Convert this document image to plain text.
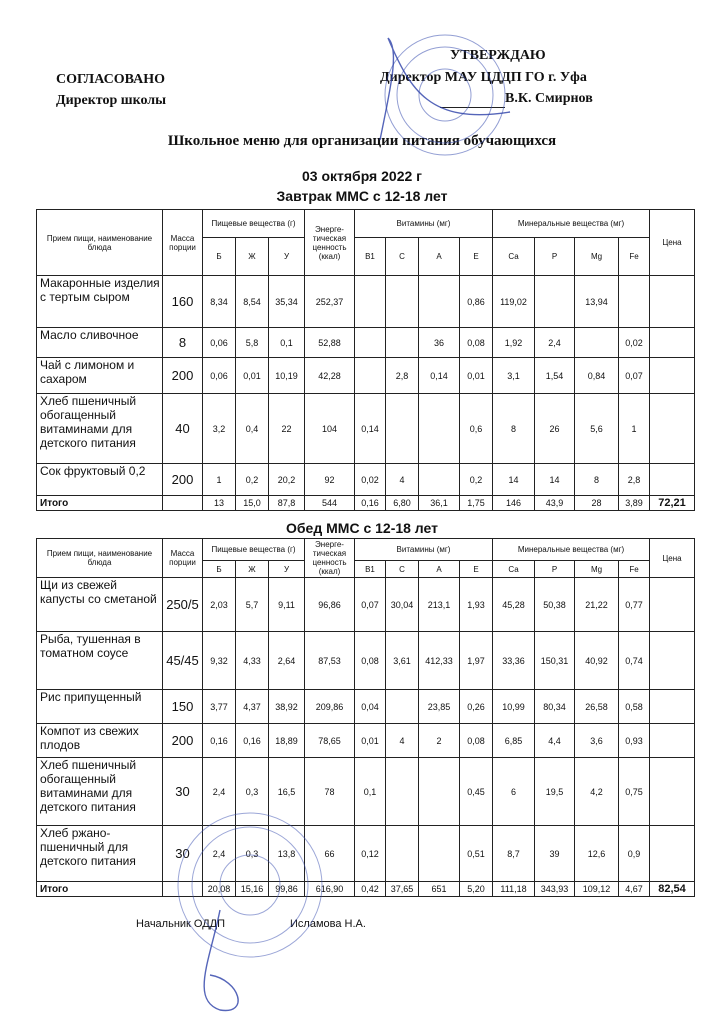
СОГЛАСОВАНО
Директор школы
УТВЕРЖДАЮ
Директор МАУ ЦДДП ГО г. Уфа
В.К. Смирнов
Школьное меню для организации питания обучающихся
03 октября 2022 г
Завтрак ММС с 12-18 лет
Прием пищи, наименование блюда	Масса порции	Пищевые вещества (г)			Энерге-тическая ценность (ккал)	Витамины (мг)				Минеральные вещества (мг)				Цена
		Б	Ж	У		В1	С	А	Е	Са	Р	Mg	Fe	
Макаронные изделия с тертым сыром	160	8,34	8,54	35,34	252,37				0,86	119,02		13,94		
Масло сливочное	8	0,06	5,8	0,1	52,88			36	0,08	1,92	2,4		0,02	
Чай с лимоном и сахаром	200	0,06	0,01	10,19	42,28		2,8	0,14	0,01	3,1	1,54	0,84	0,07	
Хлеб пшеничный обогащенный витаминами для детского питания	40	3,2	0,4	22	104	0,14			0,6	8	26	5,6	1	
Сок фруктовый 0,2	200	1	0,2	20,2	92	0,02	4		0,2	14	14	8	2,8	
Итого		13	15,0	87,8	544	0,16	6,80	36,1	1,75	146	43,9	28	3,89	72,21
Обед ММС с 12-18 лет
Прием пищи, наименование блюда	Масса порции	Пищевые вещества (г)			Энерге-тическая ценность (ккал)	Витамины (мг)				Минеральные вещества (мг)				Цена
		Б	Ж	У		В1	С	А	Е	Са	Р	Mg	Fe	
Щи из свежей капусты со сметаной	250/5	2,03	5,7	9,11	96,86	0,07	30,04	213,1	1,93	45,28	50,38	21,22	0,77	
Рыба, тушенная в томатном соусе	45/45	9,32	4,33	2,64	87,53	0,08	3,61	412,33	1,97	33,36	150,31	40,92	0,74	
Рис припущенный	150	3,77	4,37	38,92	209,86	0,04		23,85	0,26	10,99	80,34	26,58	0,58	
Компот из свежих плодов	200	0,16	0,16	18,89	78,65	0,01	4	2	0,08	6,85	4,4	3,6	0,93	
Хлеб пшеничный обогащенный витаминами для детского питания	30	2,4	0,3	16,5	78	0,1			0,45	6	19,5	4,2	0,75	
Хлеб ржано-пшеничный для детского питания	30	2,4	0,3	13,8	66	0,12			0,51	8,7	39	12,6	0,9	
Итого		20,08	15,16	99,86	616,90	0,42	37,65	651	5,20	111,18	343,93	109,12	4,67	82,54
Начальник ОДДП	Исламова Н.А.
